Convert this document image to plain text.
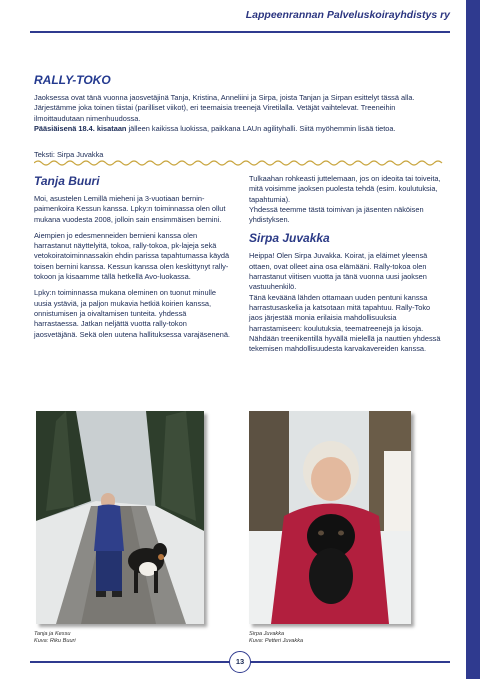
Lappeenrannan Palveluskoirayhdistys ry
RALLY-TOKO

Jaoksessa ovat tänä vuonna jaosvetäjinä Tanja, Kristina, Anneliini ja Sirpa, joista Tanjan ja Sirpan esittelyt tässä alla. Järjestämme joka toinen tiistai (parilliset viikot), eri teemaisia treenejä Viretilalla. Vetäjät vaihtelevat. Treeneihin ilmoittaudutaan nimenhuudossa.

Pääsiäisenä 18.4. kisataan jälleen kaikissa luokissa, paikkana LAUn agilityhalli. Siitä myöhemmin lisää tietoa.

Teksti: Sirpa Juvakka
Tanja Buuri

Moi, asustelen Lemillä mieheni ja 3-vuotiaan bernin-paimenkoira Kessun kanssa. Lpky:n toiminnassa olen ollut mukana vuodesta 2008, jolloin sain ensimmäisen bernini.

Aiempien jo edesmenneiden bernieni kanssa olen harrastanut näyttelyitä, tokoa, rally-tokoa, pk-lajeja sekä vetokoiratoiminnassakin ehdin parissa tapahtumassa käydä toisen bernini kanssa. Kessun kanssa olen keskittynyt rally-tokoon ja kisaamme tällä hetkellä Avo-luokassa.

Lpky:n toiminnassa mukana oleminen on tuonut minulle uusia ystäviä, ja paljon mukavia hetkiä koirien kanssa, onnistumisen ja oivaltamisen tunteita. yhdessä harrastaessa. Jatkan neljättä vuotta rally-tokon jaosvetäjänä. Sekä olen uutena hallituksessa varajäsenenä.

Tulkaahan rohkeasti juttelemaan, jos on ideoita tai toiveita, mitä voisimme jaoksen puolesta tehdä (esim. koulutuksia, tapahtumia).

Yhdessä teemme tästä toimivan ja jäsenten näköisen yhdistyksen.

Sirpa Juvakka

Heippa! Olen Sirpa Juvakka. Koirat, ja eläimet yleensä ottaen, ovat olleet aina osa elämääni. Rally-tokoa olen harrastanut viitisen vuotta ja tänä vuonna uusi jaoksen vastuuhenkilö.

Tänä keväänä lähden ottamaan uuden pentuni kanssa harrastusaskelia ja katsotaan mitä tapahtuu. Rally-Toko jaos järjestää monia erilaisia mahdollisuuksia harrastamiseen: koulutuksia, teematreenejä ja kisoja. Nähdään treenikentillä hyvällä mielellä ja nauttien yhdessä tekemisen mahdollisuudesta karvakavereiden kanssa.

Tanja ja Kessu
Kuva: Riku Buuri
Sirpa Juvakka
Kuva: Petteri Juvakka
13
